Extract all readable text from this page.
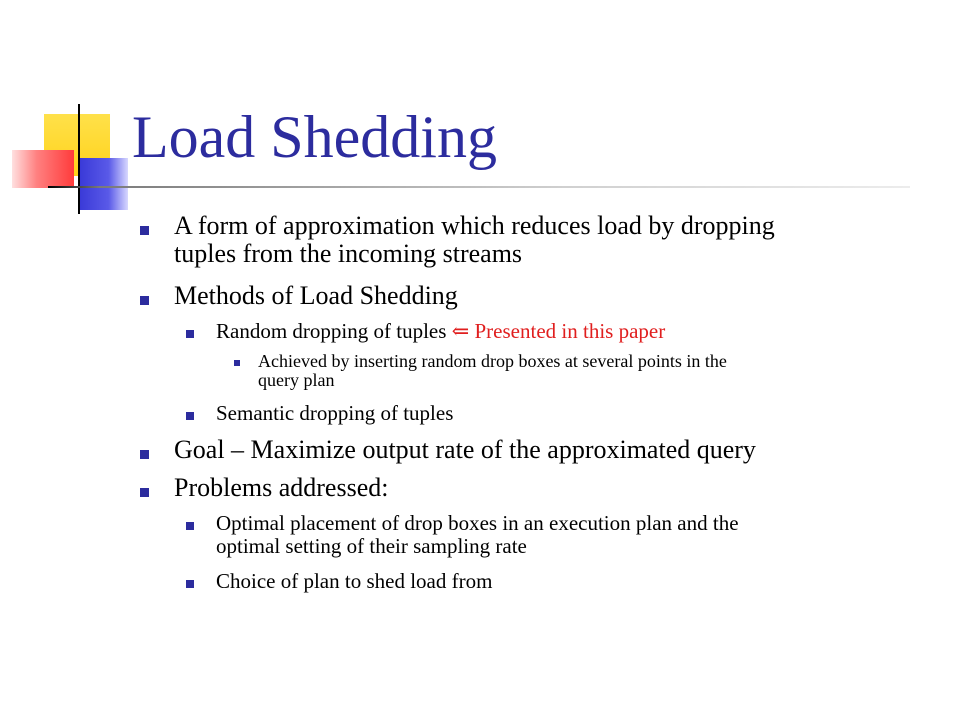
Load Shedding
A form of approximation which reduces load by dropping
tuples from the incoming streams
Methods of Load Shedding
Random dropping of tuples ⇐ Presented in this paper
Achieved by inserting random drop boxes at several points in the
query plan
Semantic dropping of tuples
Goal – Maximize output rate of the approximated query
Problems addressed:
Optimal placement of drop boxes in an execution plan and the
optimal setting of their sampling rate
Choice of plan to shed load from
